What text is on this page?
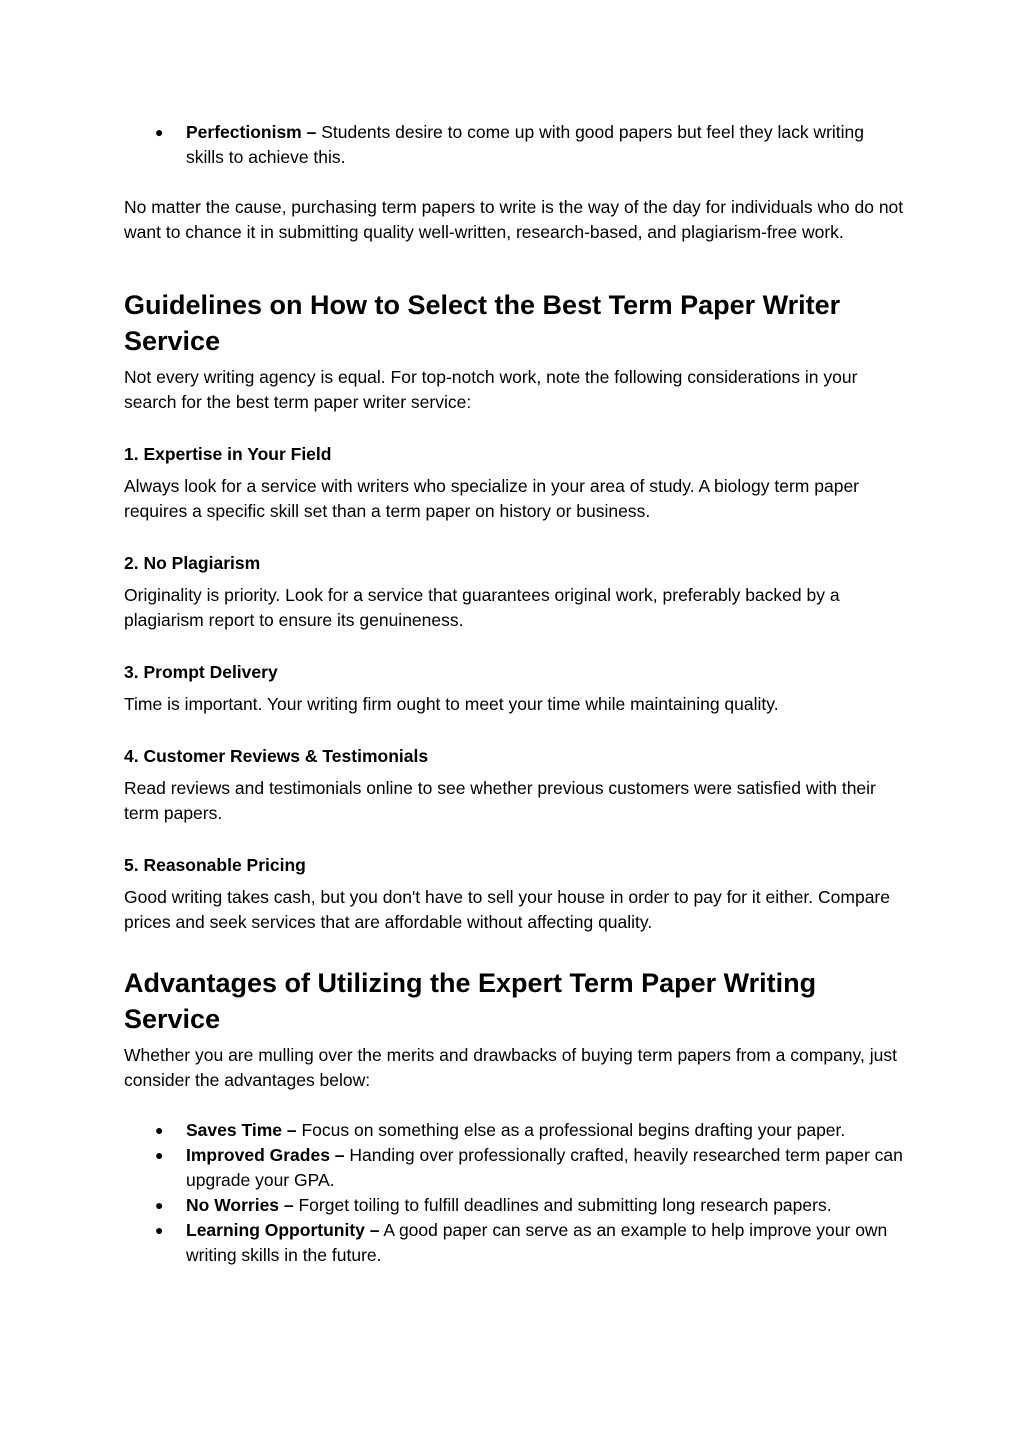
● Perfectionism – Students desire to come up with good papers but feel they lack writing skills to achieve this.

No matter the cause, purchasing term papers to write is the way of the day for individuals who do not want to chance it in submitting quality well-written, research-based, and plagiarism-free work.

Guidelines on How to Select the Best Term Paper Writer Service

Not every writing agency is equal. For top-notch work, note the following considerations in your search for the best term paper writer service:

1. Expertise in Your Field

Always look for a service with writers who specialize in your area of study. A biology term paper requires a specific skill set than a term paper on history or business.

2. No Plagiarism

Originality is priority. Look for a service that guarantees original work, preferably backed by a plagiarism report to ensure its genuineness.

3. Prompt Delivery

Time is important. Your writing firm ought to meet your time while maintaining quality.

4. Customer Reviews & Testimonials

Read reviews and testimonials online to see whether previous customers were satisfied with their term papers.

5. Reasonable Pricing

Good writing takes cash, but you don't have to sell your house in order to pay for it either. Compare prices and seek services that are affordable without affecting quality.

Advantages of Utilizing the Expert Term Paper Writing Service

Whether you are mulling over the merits and drawbacks of buying term papers from a company, just consider the advantages below:

● Saves Time – Focus on something else as a professional begins drafting your paper.
● Improved Grades – Handing over professionally crafted, heavily researched term paper can upgrade your GPA.
● No Worries – Forget toiling to fulfill deadlines and submitting long research papers.
● Learning Opportunity – A good paper can serve as an example to help improve your own writing skills in the future.
